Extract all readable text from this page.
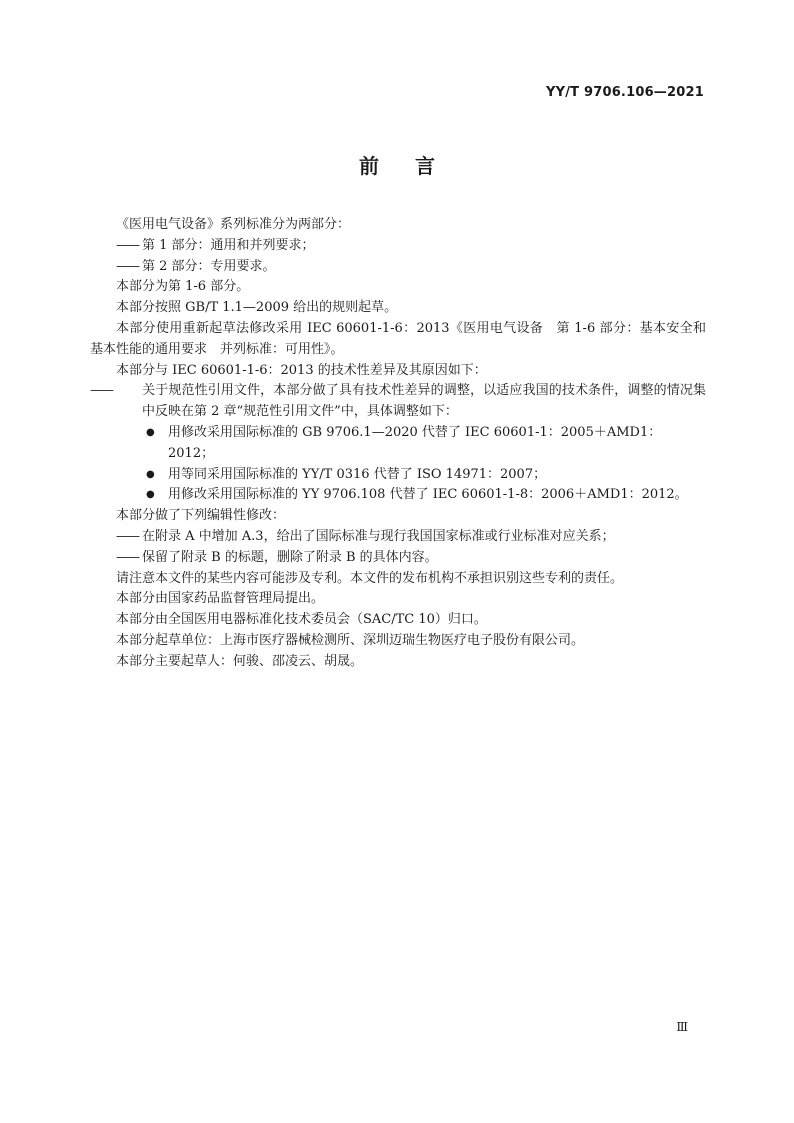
YY/T 9706.106—2021
前言

《医用电气设备》系列标准分为两部分：

—— 第 1 部分：通用和并列要求；

—— 第 2 部分：专用要求。

本部分为第 1-6 部分。

本部分按照 GB/T 1.1—2009 给出的规则起草。

本部分使用重新起草法修改采用 IEC 60601-1-6：2013《医用电气设备　第 1-6 部分：基本安全和基本性能的通用要求　并列标准：可用性》。

本部分与 IEC 60601-1-6：2013 的技术性差异及其原因如下：

—— 关于规范性引用文件，本部分做了具有技术性差异的调整，以适应我国的技术条件，调整的情况集中反映在第 2 章“规范性引用文件”中，具体调整如下：

● 用修改采用国际标准的 GB 9706.1—2020 代替了 IEC 60601-1：2005＋AMD1：2012；

● 用等同采用国际标准的 YY/T 0316 代替了 ISO 14971：2007；

● 用修改采用国际标准的 YY 9706.108 代替了 IEC 60601-1-8：2006＋AMD1：2012。

本部分做了下列编辑性修改：

—— 在附录 A 中增加 A.3，给出了国际标准与现行我国国家标准或行业标准对应关系；

—— 保留了附录 B 的标题，删除了附录 B 的具体内容。

请注意本文件的某些内容可能涉及专利。本文件的发布机构不承担识别这些专利的责任。

本部分由国家药品监督管理局提出。

本部分由全国医用电器标准化技术委员会（SAC/TC 10）归口。

本部分起草单位：上海市医疗器械检测所、深圳迈瑞生物医疗电子股份有限公司。

本部分主要起草人：何骏、邵凌云、胡晟。

Ⅲ
